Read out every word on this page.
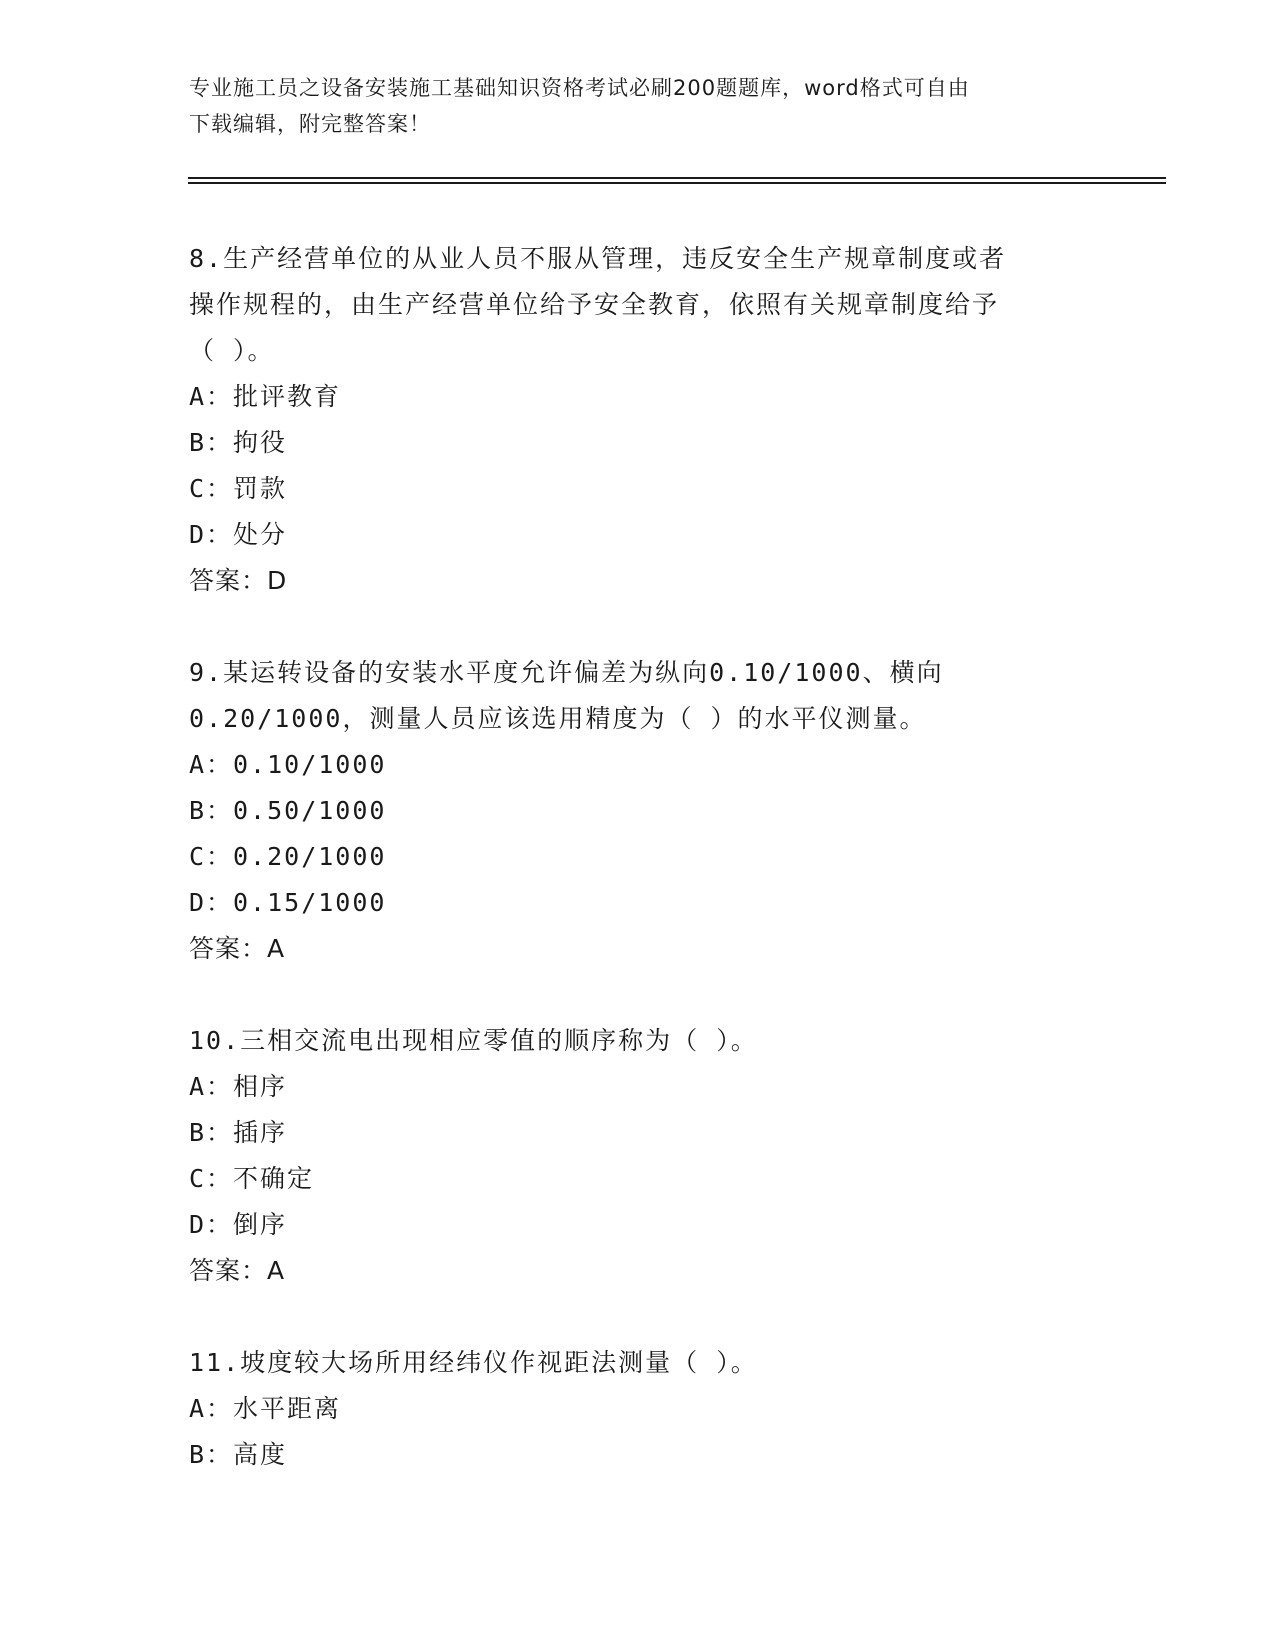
专业施工员之设备安装施工基础知识资格考试必刷200题题库，word格式可自由
下载编辑，附完整答案！
8.生产经营单位的从业人员不服从管理，违反安全生产规章制度或者
操作规程的，由生产经营单位给予安全教育，依照有关规章制度给予
（ ）。
A：批评教育
B：拘役
C：罚款
D：处分
答案：D
9.某运转设备的安装水平度允许偏差为纵向0.10/1000、横向
0.20/1000，测量人员应该选用精度为（ ）的水平仪测量。
A：0.10/1000
B：0.50/1000
C：0.20/1000
D：0.15/1000
答案：A
10.三相交流电出现相应零值的顺序称为（ ）。
A：相序
B：插序
C：不确定
D：倒序
答案：A
11.坡度较大场所用经纬仪作视距法测量（ ）。
A：水平距离
B：高度
